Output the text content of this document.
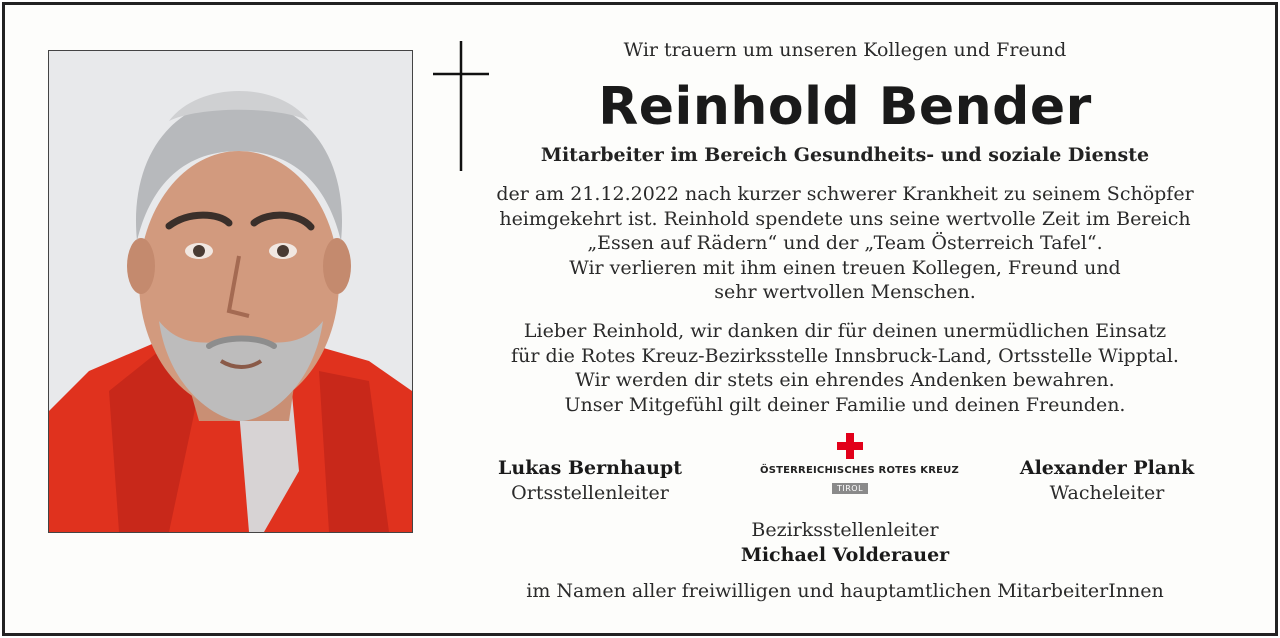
Wir trauern um unseren Kollegen und Freund
Reinhold Bender
Mitarbeiter im Bereich Gesundheits- und soziale Dienste
der am 21.12.2022 nach kurzer schwerer Krankheit zu seinem Schöpfer
heimgekehrt ist. Reinhold spendete uns seine wertvolle Zeit im Bereich
„Essen auf Rädern“ und der „Team Österreich Tafel“.
Wir verlieren mit ihm einen treuen Kollegen, Freund und
sehr wertvollen Menschen.
Lieber Reinhold, wir danken dir für deinen unermüdlichen Einsatz
für die Rotes Kreuz-Bezirksstelle Innsbruck-Land, Ortsstelle Wipptal.
Wir werden dir stets ein ehrendes Andenken bewahren.
Unser Mitgefühl gilt deiner Familie und deinen Freunden.
Lukas Bernhaupt
Ortsstellenleiter
ÖSTERREICHISCHES ROTES KREUZ
TIROL
Alexander Plank
Wacheleiter
Bezirksstellenleiter
Michael Volderauer
im Namen aller freiwilligen und hauptamtlichen MitarbeiterInnen
